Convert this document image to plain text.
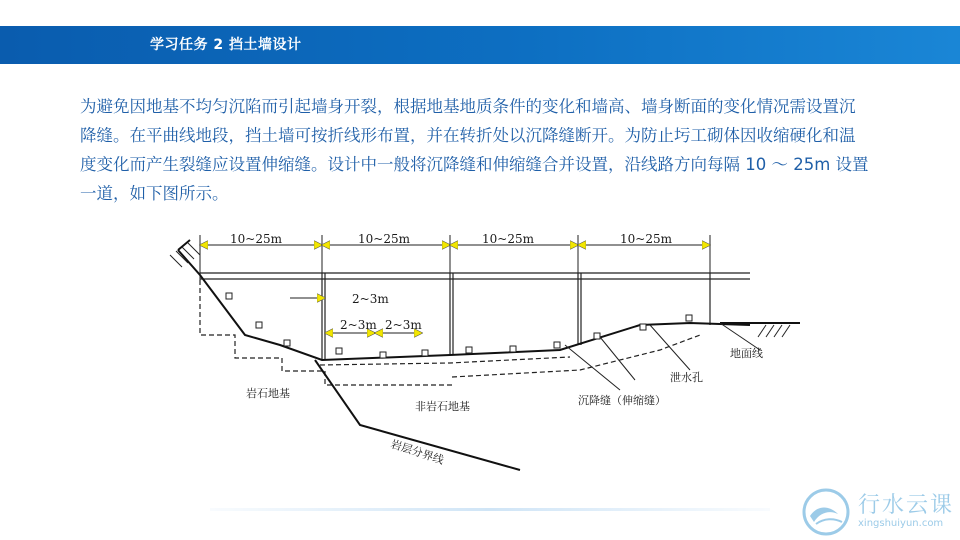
学习任务 2 挡土墙设计
为避免因地基不均匀沉陷而引起墙身开裂，根据地基地质条件的变化和墙高、墙身断面的变化情况需设置沉降缝。在平曲线地段，挡土墙可按折线形布置，并在转折处以沉降缝断开。为防止圬工砌体因收缩硬化和温度变化而产生裂缝应设置伸缩缝。设计中一般将沉降缝和伸缩缝合并设置，沿线路方向每隔 10 ～ 25m 设置一道，如下图所示。
10~25m	10~25m	10~25m	10~25m
2~3m
2~3m 2~3m
岩石地基
非岩石地基	沉降缝（伸缩缝）
泄水孔
地面线
岩层分界线
行水云课
xingshuiyun.com
